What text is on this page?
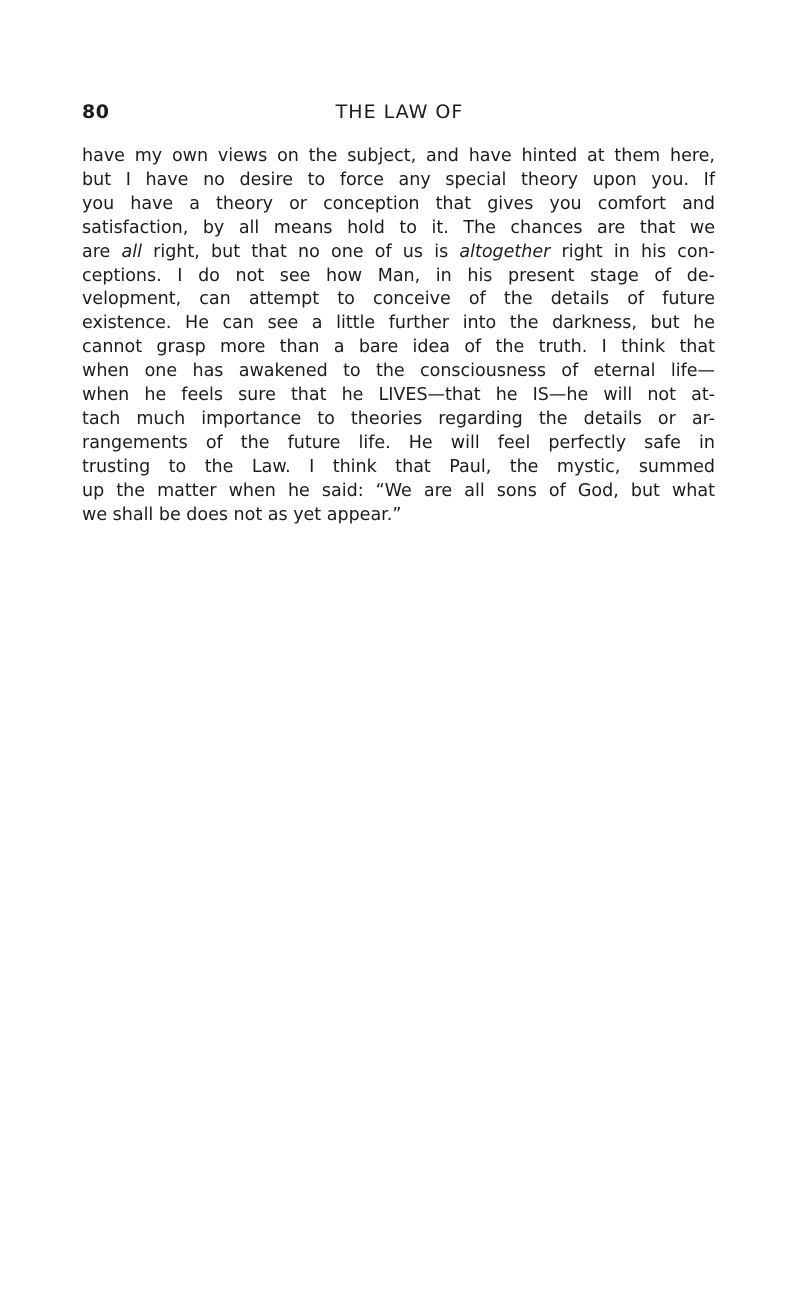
80	THE LAW OF
have my own views on the subject, and have hinted at them here,
but I have no desire to force any special theory upon you. If
you have a theory or conception that gives you comfort and
satisfaction, by all means hold to it. The chances are that we
are all right, but that no one of us is altogether right in his con-
ceptions. I do not see how Man, in his present stage of de-
velopment, can attempt to conceive of the details of future
existence. He can see a little further into the darkness, but he
cannot grasp more than a bare idea of the truth. I think that
when one has awakened to the consciousness of eternal life—
when he feels sure that he LIVES—that he IS—he will not at-
tach much importance to theories regarding the details or ar-
rangements of the future life. He will feel perfectly safe in
trusting to the Law. I think that Paul, the mystic, summed
up the matter when he said: “We are all sons of God, but what
we shall be does not as yet appear.”
